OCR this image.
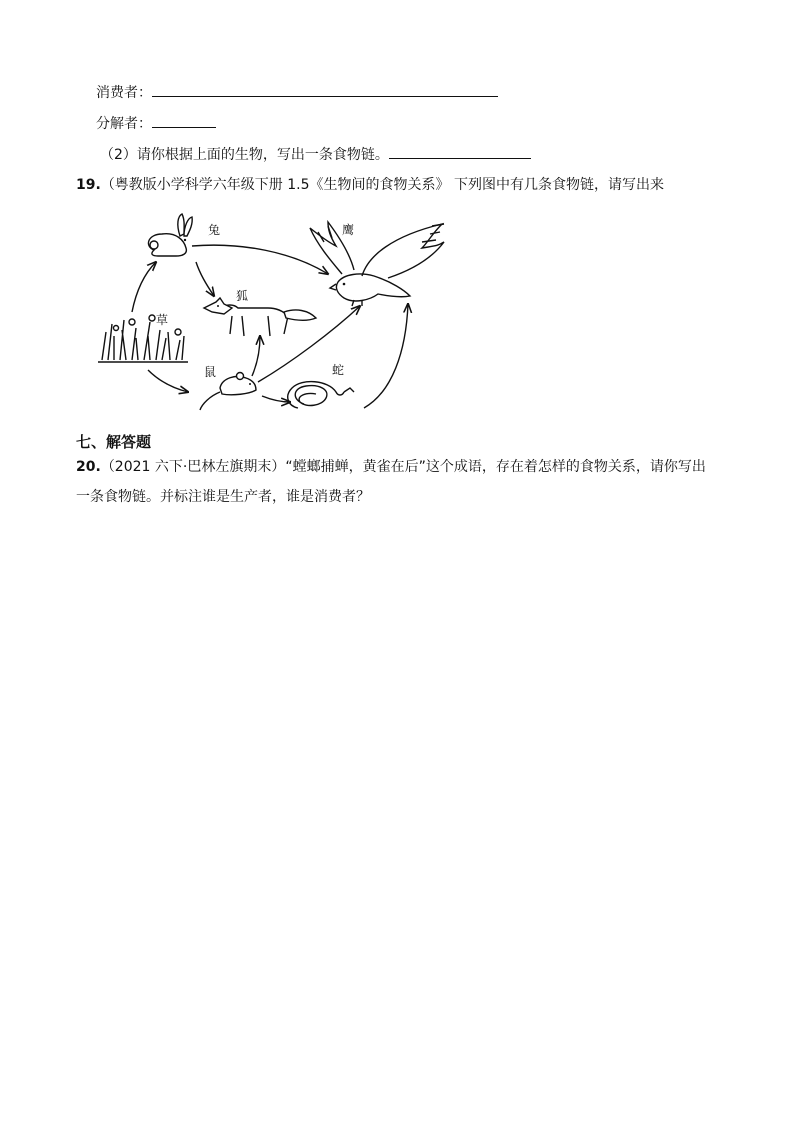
消费者：
分解者：
（2）请你根据上面的生物，写出一条食物链。
19.（粤教版小学科学六年级下册 1.5《生物间的食物关系》 下列图中有几条食物链，请写出来
兔	鹰
狐
草
鼠	蛇
七、解答题
20.（2021 六下·巴林左旗期末）“螳螂捕蝉，黄雀在后”这个成语，存在着怎样的食物关系，请你写出
一条食物链。并标注谁是生产者，谁是消费者？
